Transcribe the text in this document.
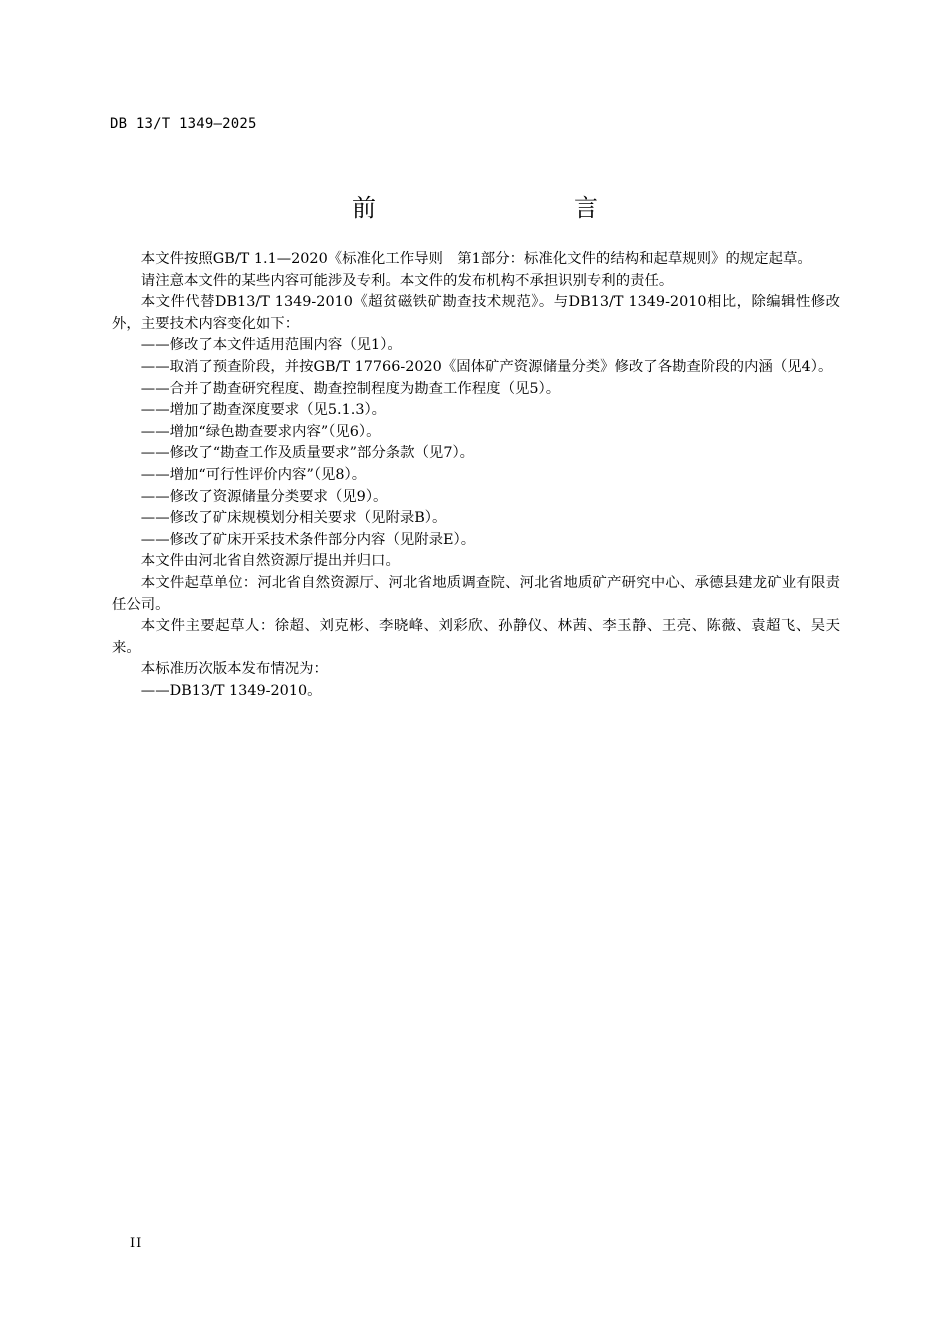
DB 13/T 1349—2025
前　　言

本文件按照GB/T 1.1—2020《标准化工作导则　第1部分：标准化文件的结构和起草规则》的规定起草。

请注意本文件的某些内容可能涉及专利。本文件的发布机构不承担识别专利的责任。

本文件代替DB13/T 1349-2010《超贫磁铁矿勘查技术规范》。与DB13/T 1349-2010相比，除编辑性修改外，主要技术内容变化如下：

——修改了本文件适用范围内容（见1）。

——取消了预查阶段，并按GB/T 17766-2020《固体矿产资源储量分类》修改了各勘查阶段的内涵（见4）。

——合并了勘查研究程度、勘查控制程度为勘查工作程度（见5）。

——增加了勘查深度要求（见5.1.3）。

——增加“绿色勘查要求内容”（见6）。

——修改了“勘查工作及质量要求”部分条款（见7）。

——增加“可行性评价内容”（见8）。

——修改了资源储量分类要求（见9）。

——修改了矿床规模划分相关要求（见附录B）。

——修改了矿床开采技术条件部分内容（见附录E）。

本文件由河北省自然资源厅提出并归口。

本文件起草单位：河北省自然资源厅、河北省地质调查院、河北省地质矿产研究中心、承德县建龙矿业有限责任公司。

本文件主要起草人：徐超、刘克彬、李晓峰、刘彩欣、孙静仪、林茜、李玉静、王亮、陈薇、袁超飞、吴天来。

本标准历次版本发布情况为：

——DB13/T 1349-2010。

II
